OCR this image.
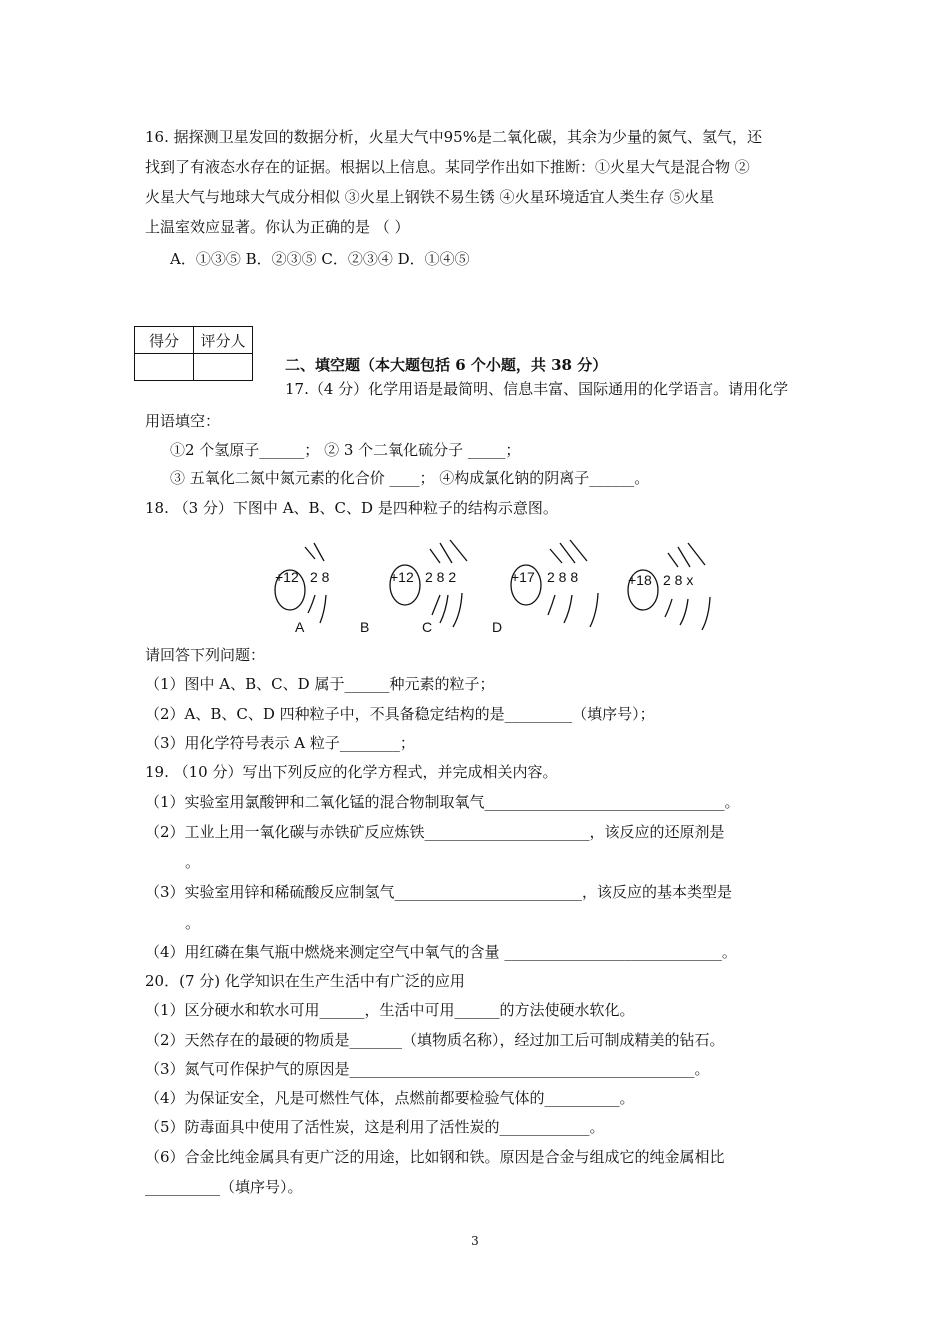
16. 据探测卫星发回的数据分析，火星大气中95%是二氧化碳，其余为少量的氮气、氢气，还
找到了有液态水存在的证据。根据以上信息。某同学作出如下推断：①火星大气是混合物 ②
火星大气与地球大气成分相似 ③火星上钢铁不易生锈 ④火星环境适宜人类生存 ⑤火星
上温室效应显著。你认为正确的是 （ ）
A．①③⑤ B．②③⑤ C．②③④ D．①④⑤
得分	评分人

二、填空题（本大题包括 6 个小题，共 38 分）
17.（4 分）化学用语是最简明、信息丰富、国际通用的化学语言。请用化学
用语填空：
①2 个氢原子______； ② 3 个二氧化硫分子 _____；
③ 五氧化二氮中氮元素的化合价 ____； ④构成氯化钠的阴离子______。
18. （3 分）下图中 A、B、C、D 是四种粒子的结构示意图。
+12 2 8
A
+12 2 8 2
B
+17 2 8 8
C
+18 2 8 x
D
请回答下列问题：
（1）图中 A、B、C、D 属于______种元素的粒子；
（2）A、B、C、D 四种粒子中，不具备稳定结构的是_________（填序号）；
（3）用化学符号表示 A 粒子________；
19. （10 分）写出下列反应的化学方程式，并完成相关内容。
（1）实验室用氯酸钾和二氧化锰的混合物制取氧气________________________________。
（2）工业上用一氧化碳与赤铁矿反应炼铁______________________，该反应的还原剂是
。
（3）实验室用锌和稀硫酸反应制氢气_________________________，该反应的基本类型是
。
（4）用红磷在集气瓶中燃烧来测定空气中氧气的含量 _____________________________。
20．(7 分) 化学知识在生产生活中有广泛的应用
（1）区分硬水和软水可用______，生活中可用______的方法使硬水软化。
（2）天然存在的最硬的物质是_______（填物质名称），经过加工后可制成精美的钻石。
（3）氮气可作保护气的原因是______________________________________________。
（4）为保证安全，凡是可燃性气体，点燃前都要检验气体的__________。
（5）防毒面具中使用了活性炭，这是利用了活性炭的____________。
（6）合金比纯金属具有更广泛的用途，比如钢和铁。原因是合金与组成它的纯金属相比
__________（填序号）。
3
